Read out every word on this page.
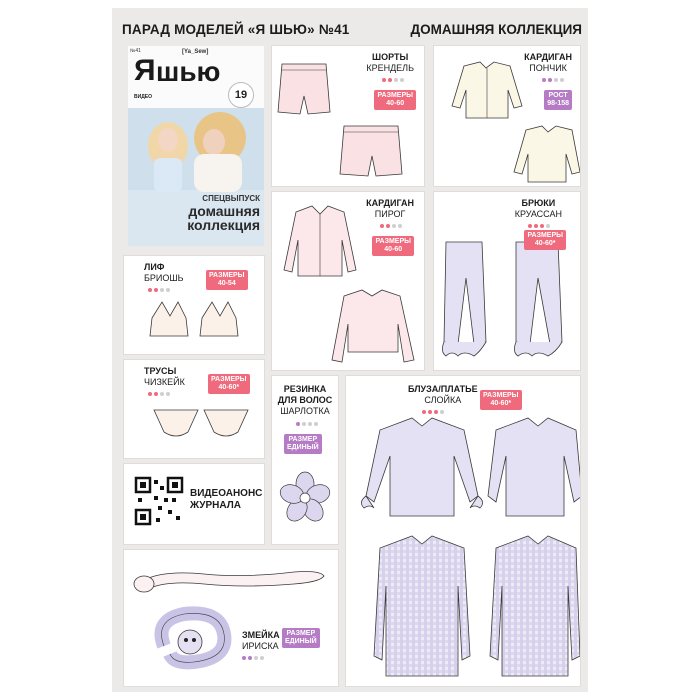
ПАРАД МОДЕЛЕЙ «Я ШЬЮ» №41	ДОМАШНЯЯ КОЛЛЕКЦИЯ
№41	[Ya_Sew]
Я шью
ВИДЕО	19
СПЕЦВЫПУСК
домашняя
коллекция
ШОРТЫ
КРЕНДЕЛЬ
РАЗМЕРЫ
40-60
КАРДИГАН
ПОНЧИК
РОСТ
98-158
КАРДИГАН
ПИРОГ
РАЗМЕРЫ
40-60
БРЮКИ
КРУАССАН
РАЗМЕРЫ
40-60*
ЛИФ
БРИОШЬ	РАЗМЕРЫ
40-54
ТРУСЫ
ЧИЗКЕЙК	РАЗМЕРЫ
40-60*
ВИДЕОАНОНС
ЖУРНАЛА
РЕЗИНКА
ДЛЯ ВОЛОС
ШАРЛОТКА
РАЗМЕР
ЕДИНЫЙ
БЛУЗА/ПЛАТЬЕ
СЛОЙКА	РАЗМЕРЫ
40-60*
ЗМЕЙКА
ИРИСКА
РАЗМЕР
ЕДИНЫЙ
